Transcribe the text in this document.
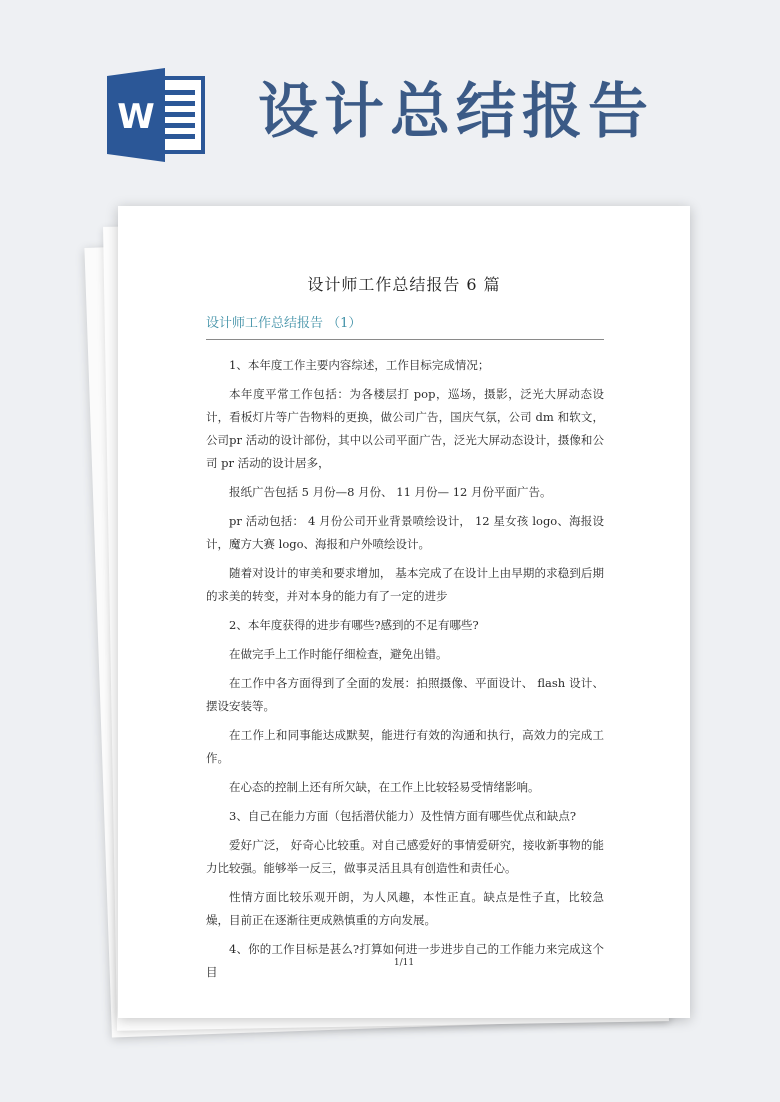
W 设计总结报告
设计师工作总结报告 6 篇
设计师工作总结报告 （1）

1、本年度工作主要内容综述，工作目标完成情况；

本年度平常工作包括：为各楼层打 pop，巡场，摄影，泛光大屏动态设计，看板灯片等广告物料的更换，做公司广告，国庆气氛，公司 dm 和软文，公司pr 活动的设计部份，其中以公司平面广告，泛光大屏动态设计，摄像和公司 pr 活动的设计居多，

报纸广告包括 5 月份—8 月份、 11 月份— 12 月份平面广告。

pr 活动包括： 4 月份公司开业背景喷绘设计， 12 星女孩 logo、海报设计，魔方大赛 logo、海报和户外喷绘设计。

随着对设计的审美和要求增加， 基本完成了在设计上由早期的求稳到后期的求美的转变，并对本身的能力有了一定的进步

2、本年度获得的进步有哪些?感到的不足有哪些?

在做完手上工作时能仔细检查，避免出错。

在工作中各方面得到了全面的发展：拍照摄像、平面设计、 flash 设计、 摆设安装等。

在工作上和同事能达成默契，能进行有效的沟通和执行，高效力的完成工作。

在心态的控制上还有所欠缺，在工作上比较轻易受情绪影响。

3、自己在能力方面（包括潜伏能力）及性情方面有哪些优点和缺点?

爱好广泛， 好奇心比较重。对自己感爱好的事情爱研究，接收新事物的能力比较强。能够举一反三，做事灵活且具有创造性和责任心。

性情方面比较乐观开朗，为人风趣，本性正直。缺点是性子直，比较急燥，目前正在逐渐往更成熟慎重的方向发展。

4、你的工作目标是甚么?打算如何进一步进步自己的工作能力来完成这个目

1/11
